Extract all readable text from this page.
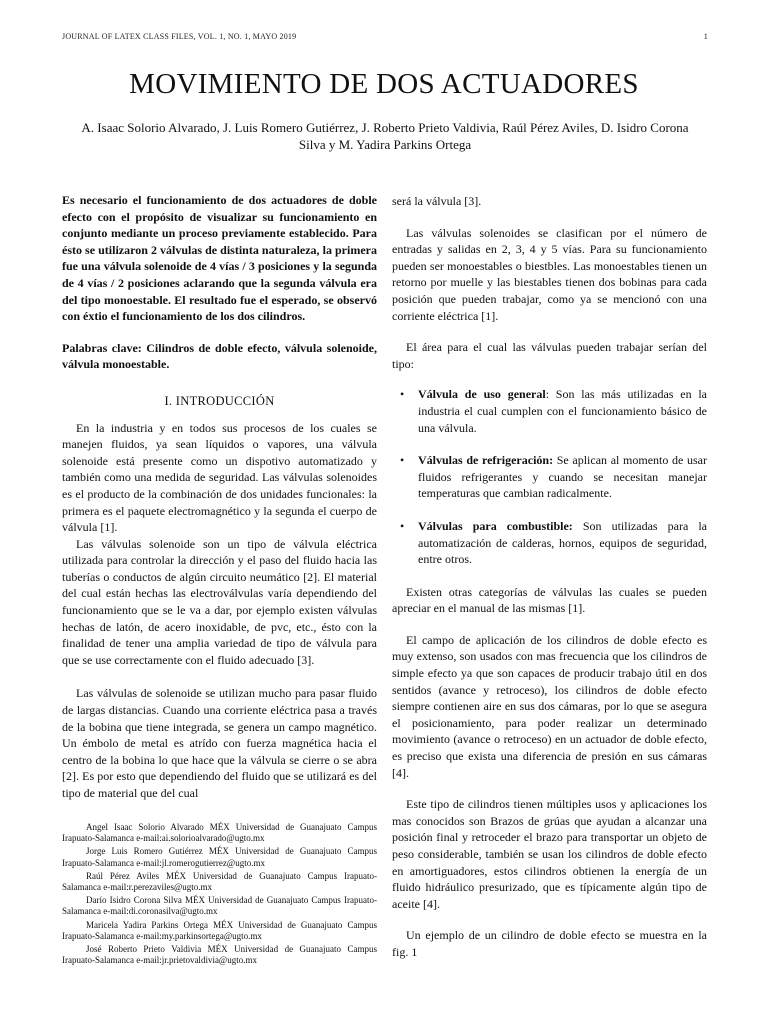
JOURNAL OF LATEX CLASS FILES, VOL. 1, NO. 1, MAYO 2019	1
MOVIMIENTO DE DOS ACTUADORES

A. Isaac Solorio Alvarado, J. Luis Romero Gutiérrez, J. Roberto Prieto Valdivia, Raúl Pérez Aviles, D. Isidro Corona Silva y M. Yadira Parkins Ortega

Es necesario el funcionamiento de dos actuadores de doble efecto con el propósito de visualizar su funcionamiento en conjunto mediante un proceso previamente establecido. Para ésto se utilizaron 2 válvulas de distinta naturaleza, la primera fue una válvula solenoide de 4 vías / 3 posiciones y la segunda de 4 vías / 2 posiciones aclarando que la segunda válvula era del tipo monoestable. El resultado fue el esperado, se observó con éxtio el funcionamiento de los dos cilindros.

Palabras clave: Cilindros de doble efecto, válvula solenoide, válvula monoestable.

I. INTRODUCCIÓN

En la industria y en todos sus procesos de los cuales se manejen fluidos, ya sean líquidos o vapores, una válvula solenoide está presente como un dispotivo automatizado y también como una medida de seguridad. Las válvulas solenoides es el producto de la combinación de dos unidades funcionales: la primera es el paquete electromagnético y la segunda el cuerpo de válvula [1].

Las válvulas solenoide son un tipo de válvula eléctrica utilizada para controlar la dirección y el paso del fluido hacia las tuberías o conductos de algún circuito neumático [2]. El material del cual están hechas las electroválvulas varía dependiendo del funcionamiento que se le va a dar, por ejemplo existen válvulas hechas de latón, de acero inoxidable, de pvc, etc., ésto con la finalidad de tener una amplia variedad de tipo de válvula para que se use correctamente con el fluido adecuado [3].

Las válvulas de solenoide se utilizan mucho para pasar fluido de largas distancias. Cuando una corriente eléctrica pasa a través de la bobina que tiene integrada, se genera un campo magnético. Un émbolo de metal es atrído con fuerza magnética hacia el centro de la bobina lo que hace que la válvula se cierre o se abra [2]. Es por esto que dependiendo del fluido que se utilizará es del tipo de material que del cual

será la válvula [3].

Las válvulas solenoides se clasifican por el número de entradas y salidas en 2, 3, 4 y 5 vías. Para su funcionamiento pueden ser monoestables o biestbles. Las monoestables tienen un retorno por muelle y las biestables tienen dos bobinas para cada posición que pueden trabajar, como ya se mencionó con una corriente eléctrica [1].

El área para el cual las válvulas pueden trabajar serían del tipo:

• Válvula de uso general: Son las más utilizadas en la industria el cual cumplen con el funcionamiento básico de una válvula.
• Válvulas de refrigeración: Se aplican al momento de usar fluidos refrigerantes y cuando se necesitan manejar temperaturas que cambian radicalmente.
• Válvulas para combustible: Son utilizadas para la automatización de calderas, hornos, equipos de seguridad, entre otros.

Existen otras categorías de válvulas las cuales se pueden apreciar en el manual de las mismas [1].

El campo de aplicación de los cilindros de doble efecto es muy extenso, son usados con mas frecuencia que los cilindros de simple efecto ya que son capaces de producir trabajo útil en dos sentidos (avance y retroceso), los cilindros de doble efecto siempre contienen aire en sus dos cámaras, por lo que se asegura el posicionamiento, para poder realizar un determinado movimiento (avance o retroceso) en un actuador de doble efecto, es preciso que exista una diferencia de presión en sus cámaras [4].

Este tipo de cilindros tienen múltiples usos y aplicaciones los mas conocidos son Brazos de grúas que ayudan a alcanzar una posición final y retroceder el brazo para transportar un objeto de peso considerable, también se usan los cilindros de doble efecto en amortiguadores, estos cilindros obtienen la energía de un fluido hidráulico presurizado, que es típicamente algún tipo de aceite [4].

Un ejemplo de un cilindro de doble efecto se muestra en la fig. 1

Angel Isaac Solorio Alvarado MÉX Universidad de Guanajuato Campus Irapuato-Salamanca e-mail:ai.solorioalvarado@ugto.mx

Jorge Luis Romero Gutiérrez MÉX Universidad de Guanajuato Campus Irapuato-Salamanca e-mail:jl.romerogutierrez@ugto.mx

Raúl Pérez Aviles MÉX Universidad de Guanajuato Campus Irapuato-Salamanca e-mail:r.perezaviles@ugto.mx

Darío Isidro Corona Silva MÉX Universidad de Guanajuato Campus Irapuato-Salamanca e-mail:di.coronasilva@ugto.mx

Maricela Yadira Parkins Ortega MÉX Universidad de Guanajuato Campus Irapuato-Salamanca e-mail:my.parkinsortega@ugto.mx

José Roberto Prieto Valdivia MÉX Universidad de Guanajuato Campus Irapuato-Salamanca e-mail:jr.prietovaldivia@ugto.mx
